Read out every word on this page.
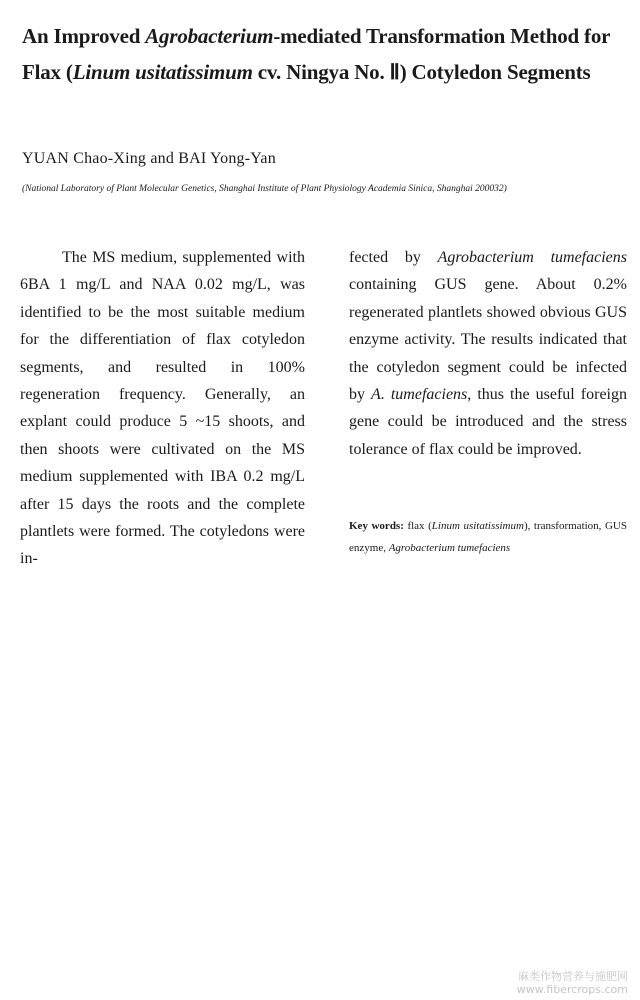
An Improved Agrobacterium-mediated Transformation Method for Flax (Linum usitatissimum cv. Ningya No. Ⅱ) Cotyledon Segments

YUAN Chao-Xing and BAI Yong-Yan

(National Laboratory of Plant Molecular Genetics, Shanghai Institute of Plant Physiology Academia Sinica, Shanghai 200032)

The MS medium, supplemented with 6BA 1 mg/L and NAA 0.02 mg/L, was identified to be the most suitable medium for the differentiation of flax cotyledon segments, and resulted in 100% regeneration frequency. Generally, an explant could produce 5 ~15 shoots, and then shoots were cultivated on the MS medium supplemented with IBA 0.2 mg/L after 15 days the roots and the complete plantlets were formed. The cotyledons were in-

fected by Agrobacterium tumefaciens containing GUS gene. About 0.2% regenerated plantlets showed obvious GUS enzyme activity. The results indicated that the cotyledon segment could be infected by A. tumefaciens, thus the useful foreign gene could be introduced and the stress tolerance of flax could be improved.

Key words: flax (Linum usitatissimum), transformation, GUS enzyme, Agrobacterium tumefaciens

麻类作物营养与施肥网
www.fibercrops.com
